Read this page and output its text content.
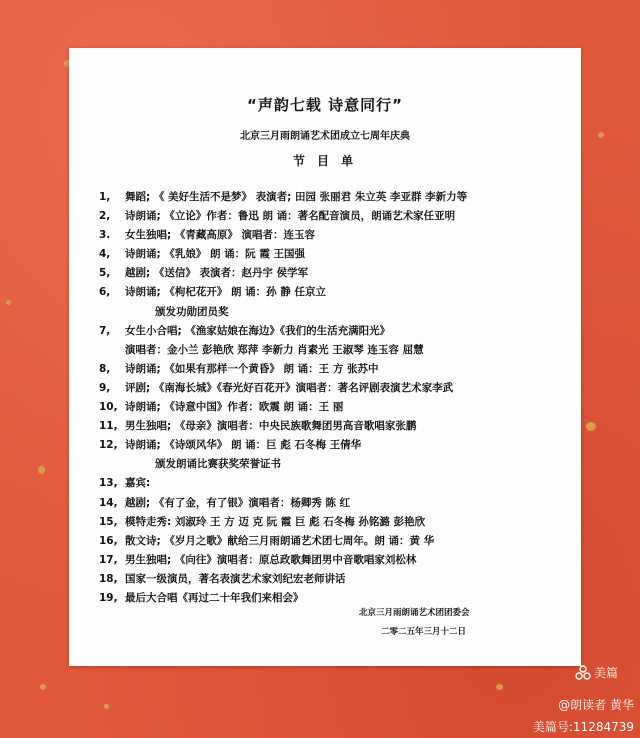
“声韵七载 诗意同行”
北京三月雨朗诵艺术团成立七周年庆典
节 目 单
1, 舞蹈; 《 美好生活不是梦》 表演者; 田园 张丽君 朱立英 李亚群 李新力等
2, 诗朗诵; 《立论》作者：鲁迅 朗 诵：著名配音演员，朗诵艺术家任亚明
3. 女生独唱; 《青藏高原》 演唱者：连玉容
4, 诗朗诵; 《乳娘》 朗 诵：阮 霞 王国强
5, 越剧; 《送信》 表演者：赵丹宇 侯学军
6, 诗朗诵; 《枸杞花开》 朗 诵：孙 静 任京立
颁发功勋团员奖
7, 女生小合唱; 《渔家姑娘在海边》《我们的生活充满阳光》
演唱者：金小兰 彭艳欣 郑萍 李新力 肖素光 王淑琴 连玉容 屈慧
8, 诗朗诵; 《如果有那样一个黄昏》 朗 诵：王 方 张苏中
9, 评剧; 《南海长城》《春光好百花开》演唱者：著名评剧表演艺术家李武
10, 诗朗诵; 《诗意中国》作者：欧震 朗 诵：王 丽
11, 男生独唱; 《母亲》演唱者：中央民族歌舞团男高音歌唱家张鹏
12, 诗朗诵; 《诗颂风华》 朗 诵：巨 彪 石冬梅 王倩华
颁发朗诵比赛获奖荣誉证书
13, 嘉宾:
14, 越剧; 《有了金，有了银》演唱者：杨卿秀 陈 红
15, 模特走秀: 刘淑玲 王 方 迈 克 阮 霞 巨 彪 石冬梅 孙铭潞 彭艳欣
16, 散文诗; 《岁月之歌》献给三月雨朗诵艺术团七周年。朗 诵：黄 华
17, 男生独唱; 《向往》演唱者：原总政歌舞团男中音歌唱家刘松林
18, 国家一级演员，著名表演艺术家刘纪宏老师讲话
19, 最后大合唱《再过二十年我们来相会》
北京三月雨朗诵艺术团团委会
二零二五年三月十二日
美篇
@朗读者 黄华
美篇号:11284739
